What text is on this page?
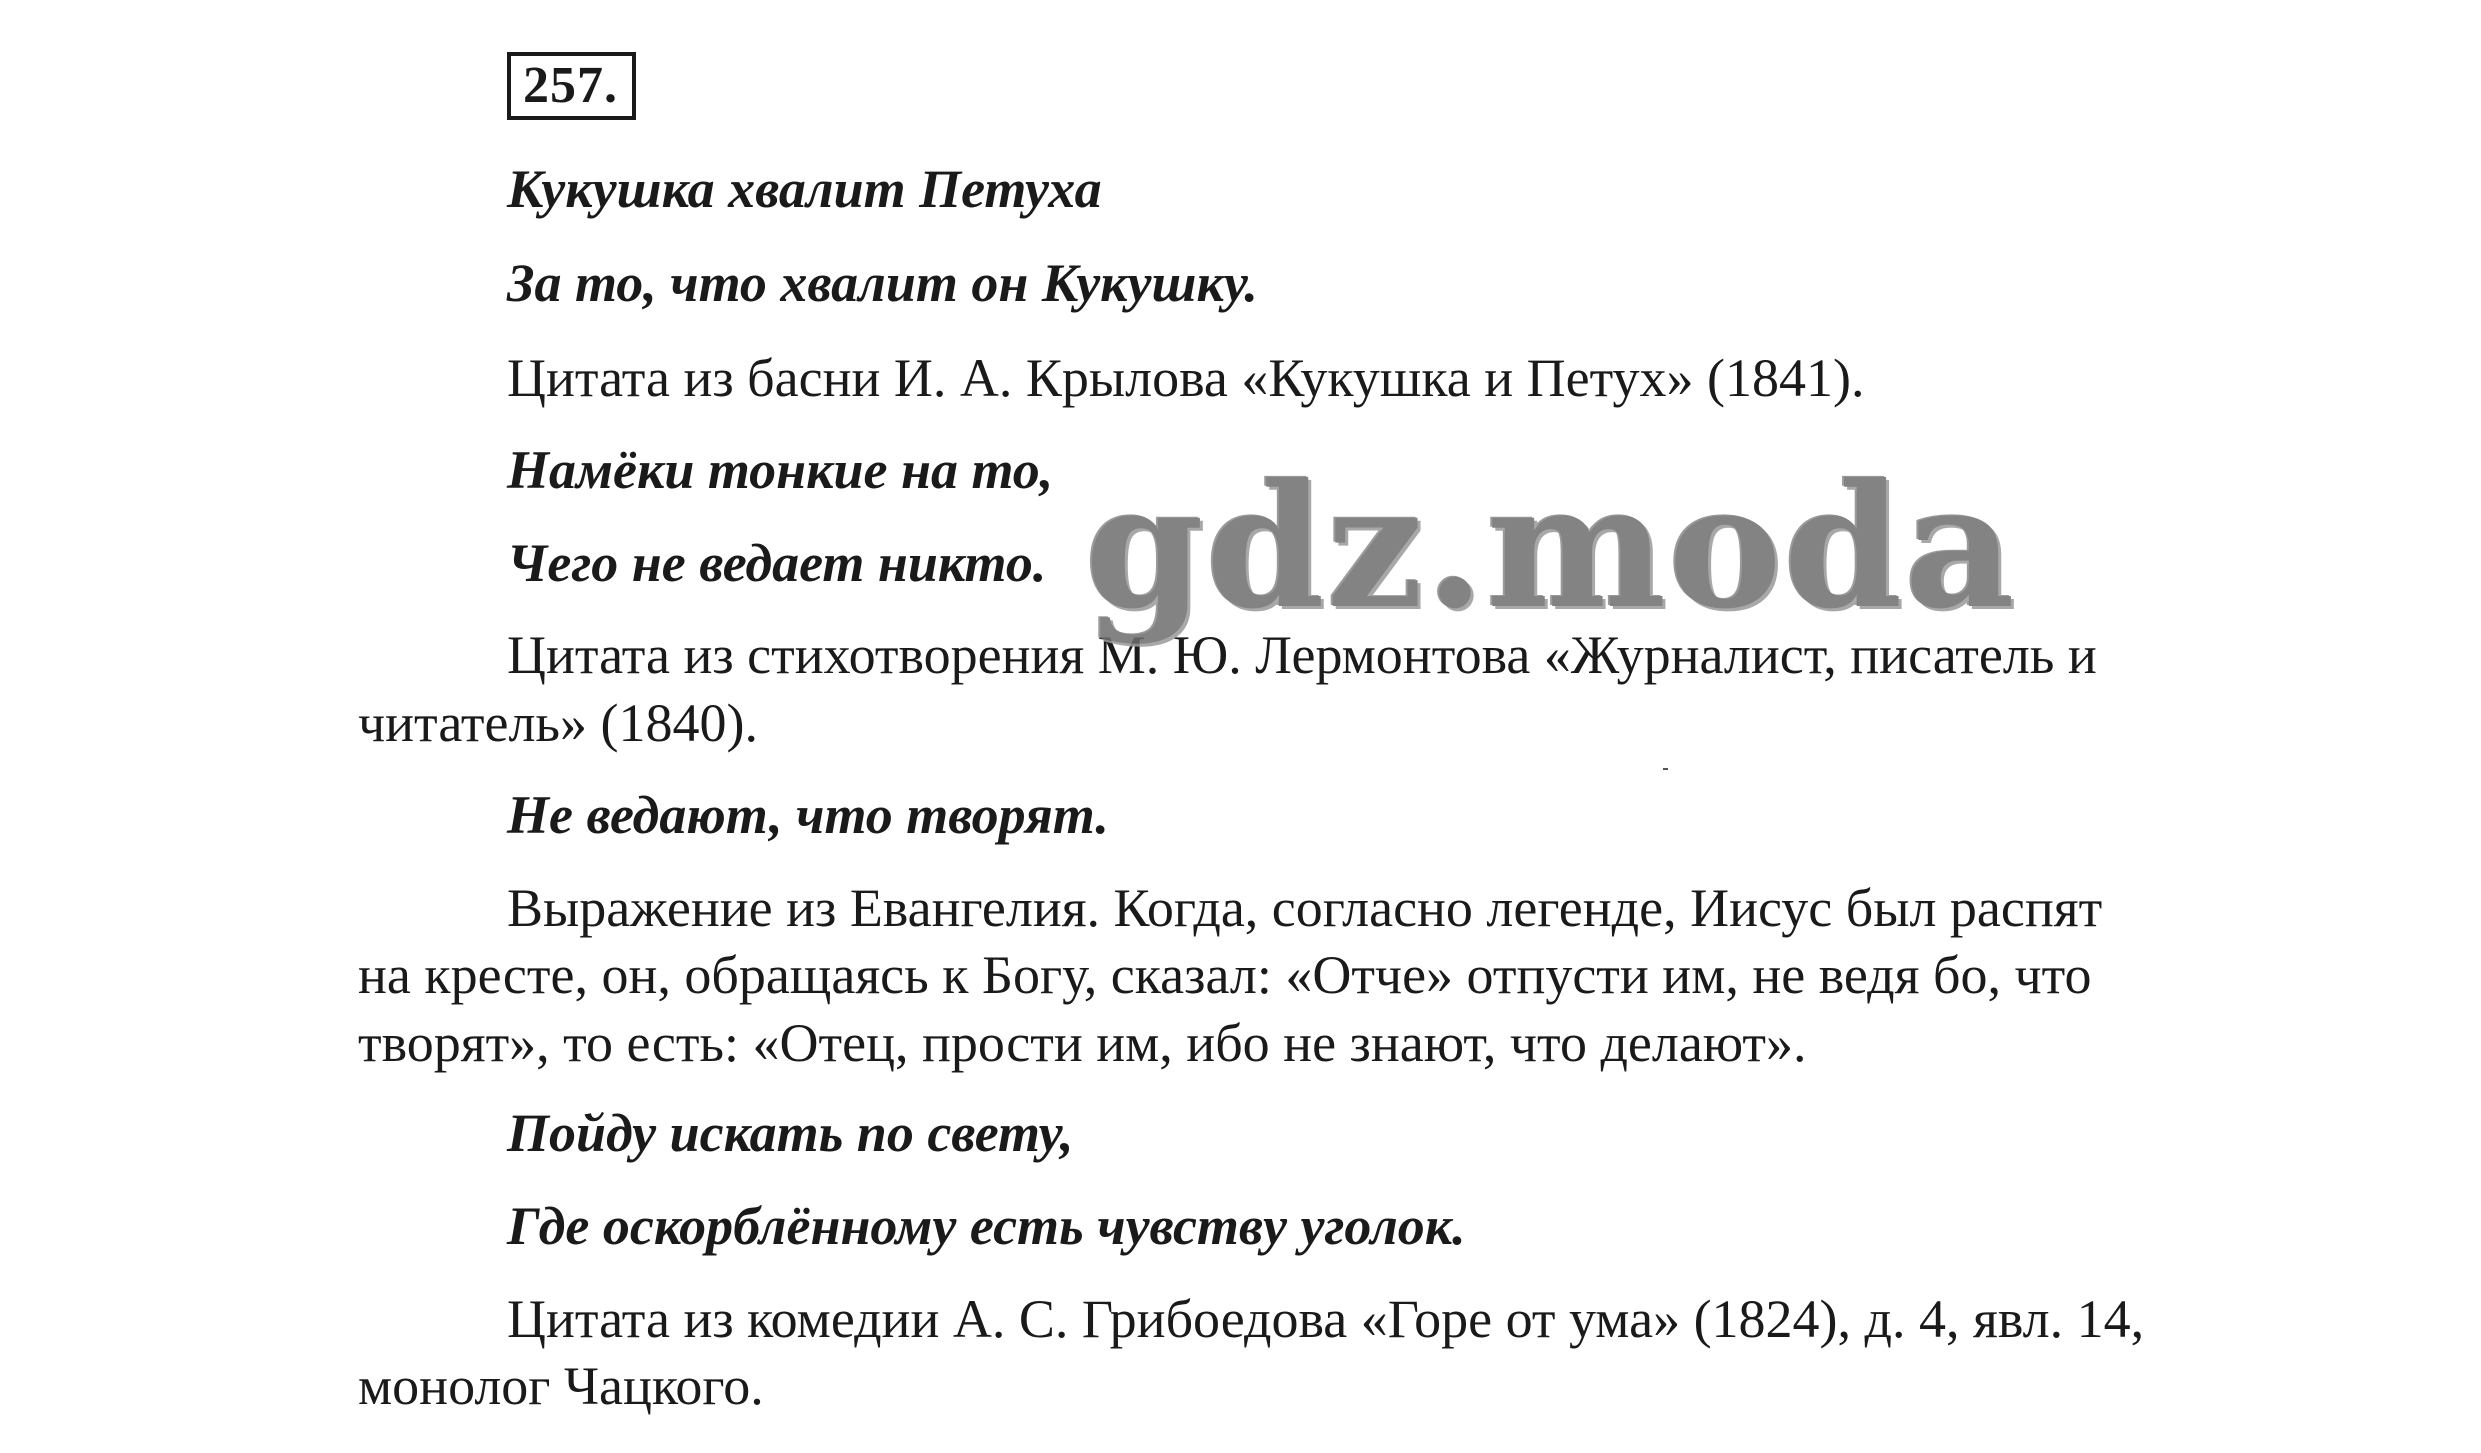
257.
Кукушка хвалит Петуха
За то, что хвалит он Кукушку.
Цитата из басни И. А. Крылова «Кукушка и Петух» (1841).
Намёки тонкие на то,
Чего не ведает никто.
Цитата из стихотворения М. Ю. Лермонтова «Журналист, писатель и
читатель» (1840).
Не ведают, что творят.
Выражение из Евангелия. Когда, согласно легенде, Иисус был распят
на кресте, он, обращаясь к Богу, сказал: «Отче» отпусти им, не ведя бо, что
творят», то есть: «Отец, прости им, ибо не знают, что делают».
Пойду искать по свету,
Где оскорблённому есть чувству уголок.
Цитата из комедии А. С. Грибоедова «Горе от ума» (1824), д. 4, явл. 14,
монолог Чацкого.
gdz.moda
